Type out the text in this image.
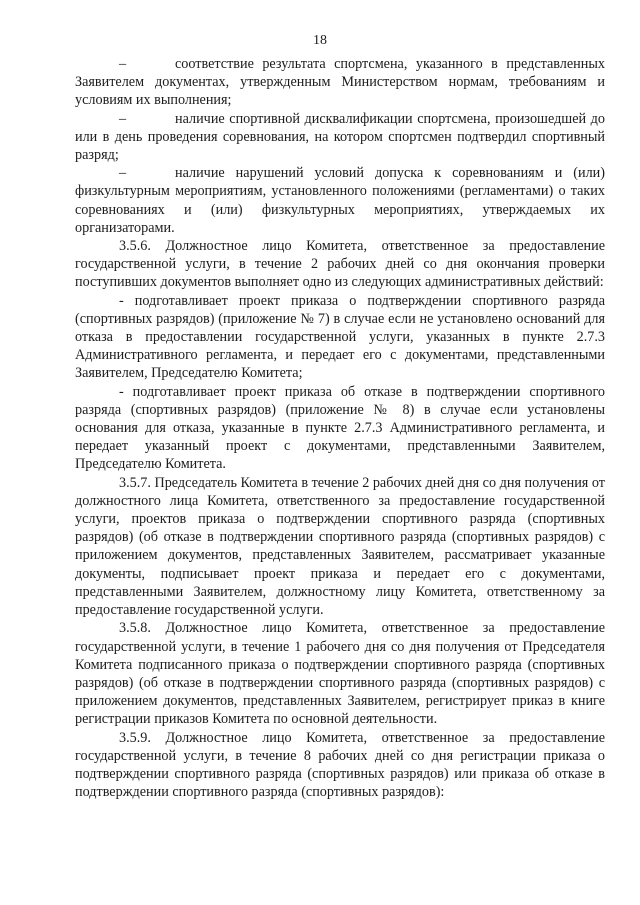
18

–	соответствие результата спортсмена, указанного в представленных Заявителем документах, утвержденным Министерством нормам, требованиям и условиям их выполнения;

–	наличие спортивной дисквалификации спортсмена, произошедшей до или в день проведения соревнования, на котором спортсмен подтвердил спортивный разряд;

–	наличие нарушений условий допуска к соревнованиям и (или) физкультурным мероприятиям, установленного положениями (регламентами) о таких соревнованиях и (или) физкультурных мероприятиях, утверждаемых их организаторами.

3.5.6. Должностное лицо Комитета, ответственное за предоставление государственной услуги, в течение 2 рабочих дней со дня окончания проверки поступивших документов выполняет одно из следующих административных действий:

- подготавливает проект приказа о подтверждении спортивного разряда (спортивных разрядов) (приложение № 7) в случае если не установлено оснований для отказа в предоставлении государственной услуги, указанных в пункте 2.7.3 Административного регламента, и передает его с документами, представленными Заявителем, Председателю Комитета;

- подготавливает проект приказа об отказе в подтверждении спортивного разряда (спортивных разрядов) (приложение № 8) в случае если установлены основания для отказа, указанные в пункте 2.7.3 Административного регламента, и передает указанный проект с документами, представленными Заявителем, Председателю Комитета.

3.5.7. Председатель Комитета в течение 2 рабочих дней дня со дня получения от должностного лица Комитета, ответственного за предоставление государственной услуги, проектов приказа о подтверждении спортивного разряда (спортивных разрядов) (об отказе в подтверждении спортивного разряда (спортивных разрядов) с приложением документов, представленных Заявителем, рассматривает указанные документы, подписывает проект приказа и передает его с документами, представленными Заявителем, должностному лицу Комитета, ответственному за предоставление государственной услуги.

3.5.8. Должностное лицо Комитета, ответственное за предоставление государственной услуги, в течение 1 рабочего дня со дня получения от Председателя Комитета подписанного приказа о подтверждении спортивного разряда (спортивных разрядов) (об отказе в подтверждении спортивного разряда (спортивных разрядов) с приложением документов, представленных Заявителем, регистрирует приказ в книге регистрации приказов Комитета по основной деятельности.

3.5.9. Должностное лицо Комитета, ответственное за предоставление государственной услуги, в течение 8 рабочих дней со дня регистрации приказа о подтверждении спортивного разряда (спортивных разрядов) или приказа об отказе в подтверждении спортивного разряда (спортивных разрядов):
